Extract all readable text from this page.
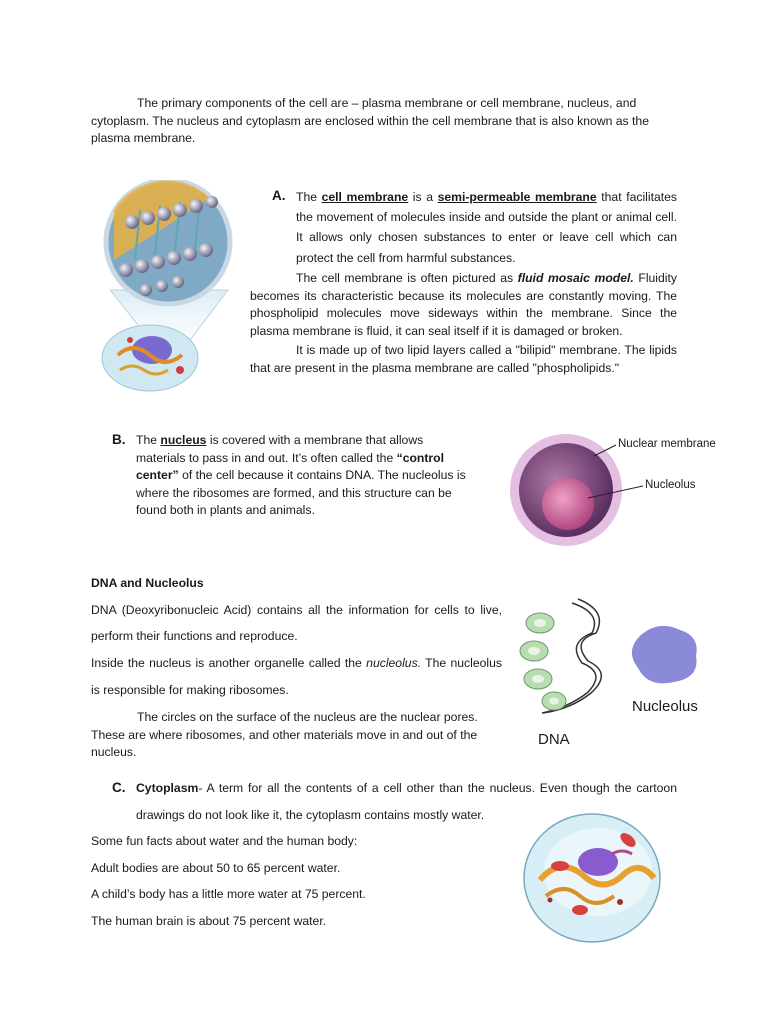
The primary components of the cell are – plasma membrane or cell membrane, nucleus, and cytoplasm. The nucleus and cytoplasm are enclosed within the cell membrane that is also known as the plasma membrane.

A. The cell membrane is a semi-permeable membrane that facilitates the movement of molecules inside and outside the plant or animal cell. It allows only chosen substances to enter or leave cell which can protect the cell from harmful substances.

The cell membrane is often pictured as fluid mosaic model. Fluidity becomes its characteristic because its molecules are constantly moving. The phospholipid molecules move sideways within the membrane. Since the plasma membrane is fluid, it can seal itself if it is damaged or broken.

It is made up of two lipid layers called a "bilipid" membrane. The lipids that are present in the plasma membrane are called "phospholipids."

B. The nucleus is covered with a membrane that allows materials to pass in and out. It’s often called the “control center” of the cell because it contains DNA. The nucleolus is where the ribosomes are formed, and this structure can be found both in plants and animals.

Nuclear membrane
Nucleolus
DNA and Nucleolus
DNA (Deoxyribonucleic Acid) contains all the information for cells to live,
perform their functions and reproduce.
Inside the nucleus is another organelle called the nucleolus. The nucleolus
is responsible for making ribosomes.

The circles on the surface of the nucleus are the nuclear pores. These are where ribosomes, and other materials move in and out of the nucleus.

DNA
Nucleolus
C. Cytoplasm- A term for all the contents of a cell other than the nucleus. Even though the cartoon
drawings do not look like it, the cytoplasm contains mostly water.
Some fun facts about water and the human body:
Adult bodies are about 50 to 65 percent water.
A child’s body has a little more water at 75 percent.
The human brain is about 75 percent water.
